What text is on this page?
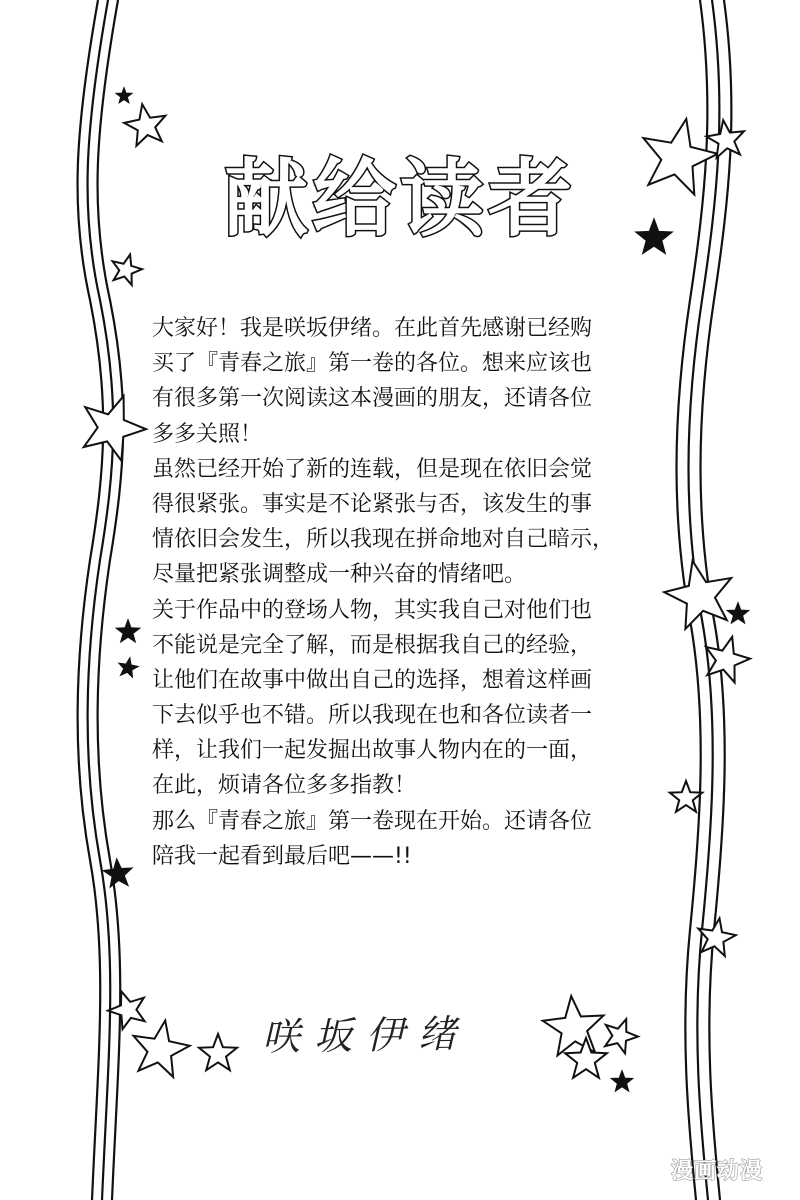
献给读者
大家好！我是咲坂伊绪。在此首先感谢已经购
买了『青春之旅』第一卷的各位。想来应该也
有很多第一次阅读这本漫画的朋友，还请各位
多多关照！
虽然已经开始了新的连载，但是现在依旧会觉
得很紧张。事实是不论紧张与否，该发生的事
情依旧会发生，所以我现在拼命地对自己暗示，
尽量把紧张调整成一种兴奋的情绪吧。
关于作品中的登场人物，其实我自己对他们也
不能说是完全了解，而是根据我自己的经验，
让他们在故事中做出自己的选择，想着这样画
下去似乎也不错。所以我现在也和各位读者一
样，让我们一起发掘出故事人物内在的一面，
在此，烦请各位多多指教！
那么『青春之旅』第一卷现在开始。还请各位
陪我一起看到最后吧——!!
咲坂伊绪
漫画动漫
